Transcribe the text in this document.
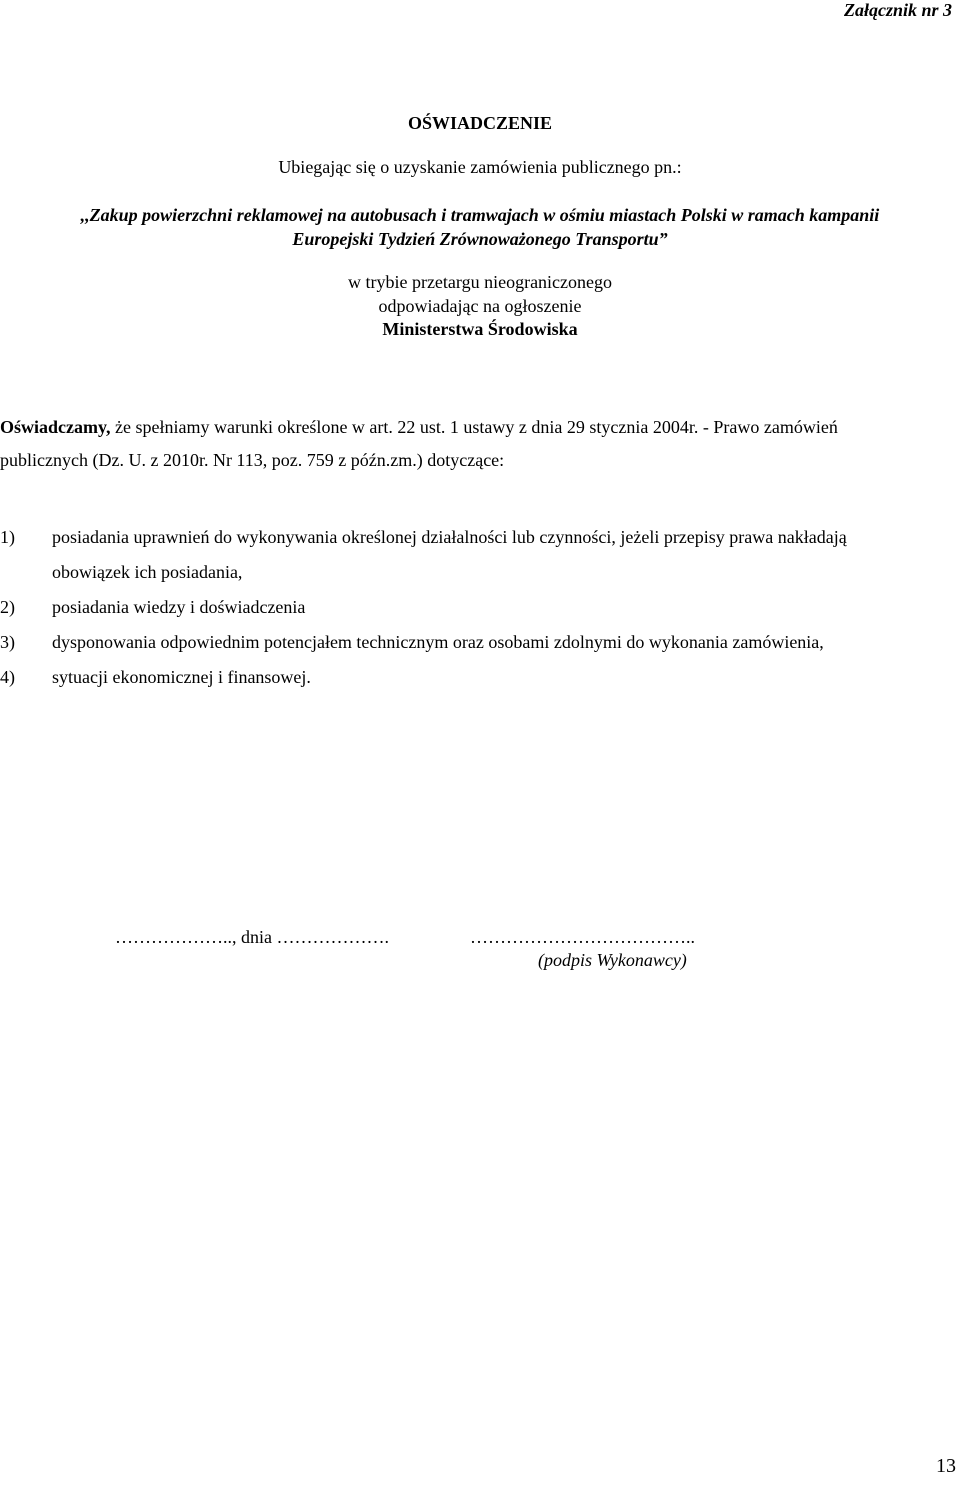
Załącznik nr 3
OŚWIADCZENIE
Ubiegając się o uzyskanie zamówienia publicznego pn.:
,,Zakup powierzchni reklamowej na autobusach i tramwajach w ośmiu miastach Polski w ramach kampanii
Europejski Tydzień Zrównoważonego Transportu”
w trybie przetargu nieograniczonego
odpowiadając na ogłoszenie
Ministerstwa Środowiska
Oświadczamy, że spełniamy warunki określone w art. 22 ust. 1 ustawy z dnia 29 stycznia 2004r. - Prawo zamówień
publicznych (Dz. U. z 2010r. Nr 113, poz. 759 z późn.zm.) dotyczące:
1) posiadania uprawnień do wykonywania określonej działalności lub czynności, jeżeli przepisy prawa nakładają
obowiązek ich posiadania,
2) posiadania wiedzy i doświadczenia
3) dysponowania odpowiednim potencjałem technicznym oraz osobami zdolnymi do wykonania zamówienia,
4) sytuacji ekonomicznej i finansowej.
……………….., dnia ……………….	………………………………..
(podpis Wykonawcy)
13
